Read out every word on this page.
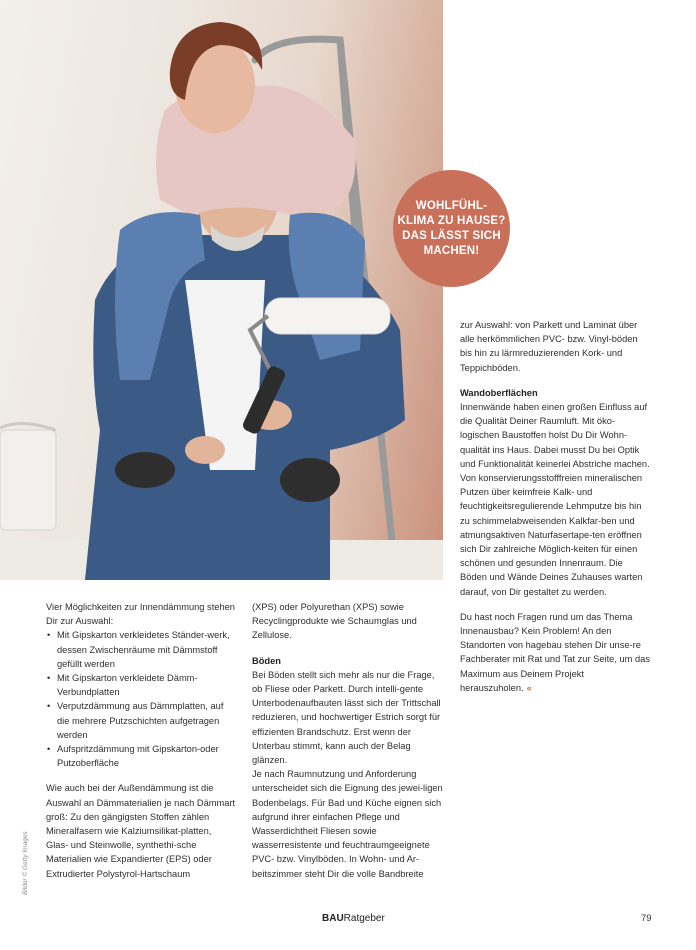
WOHLFÜHL-
KLIMA ZU HAUSE?
DAS LÄSST SICH
MACHEN!

Vier Möglichkeiten zur Innendämmung stehen Dir zur Auswahl:

• Mit Gipskarton verkleidetes Ständer-werk, dessen Zwischenräume mit Dämmstoff gefüllt werden
• Mit Gipskarton verkleidete Dämm-Verbundplatten
• Verputzdämmung aus Dämmplatten, auf die mehrere Putzschichten aufgetragen werden
• Aufspritzdämmung mit Gipskarton-oder Putzoberfläche

Wie auch bei der Außendämmung ist die Auswahl an Dämmaterialien je nach Dämmart groß: Zu den gängigsten Stoffen zählen Mineralfasern wie Kalziumsilikat-platten, Glas- und Steinwolle, synthethi-sche Materialien wie Expandierter (EPS) oder Extrudierter Polystyrol-Hartschaum

(XPS) oder Polyurethan (XPS) sowie Recyclingprodukte wie Schaumglas und Zellulose.

Böden

Bei Böden stellt sich mehr als nur die Frage, ob Fliese oder Parkett. Durch intelli-gente Unterbodenaufbauten lässt sich der Trittschall reduzieren, und hochwertiger Estrich sorgt für effizienten Brandschutz. Erst wenn der Unterbau stimmt, kann auch der Belag glänzen.

Je nach Raumnutzung und Anforderung unterscheidet sich die Eignung des jewei-ligen Bodenbelags. Für Bad und Küche eignen sich aufgrund ihrer einfachen Pflege und Wasserdichtheit Fliesen sowie wasserresistente und feuchtraumgeeignete PVC- bzw. Vinylböden. In Wohn- und Ar-beitszimmer steht Dir die volle Bandbreite

zur Auswahl: von Parkett und Laminat über alle herkömmlichen PVC- bzw. Vinyl-böden bis hin zu lärmreduzierenden Kork- und Teppichböden.

Wandoberflächen

Innenwände haben einen großen Einfluss auf die Qualität Deiner Raumluft. Mit öko-logischen Baustoffen holst Du Dir Wohn-qualität ins Haus. Dabei musst Du bei Optik und Funktionalität keinerlei Abstriche machen. Von konservierungsstofffreien mineralischen Putzen über keimfreie Kalk- und feuchtigkeitsregulierende Lehmputze bis hin zu schimmelabweisenden Kalkfar-ben und atmungsaktiven Naturfasertape-ten eröffnen sich Dir zahlreiche Möglich-keiten für einen schönen und gesunden Innenraum. Die Böden und Wände Deines Zuhauses warten darauf, von Dir gestaltet zu werden.

Du hast noch Fragen rund um das Thema Innenausbau? Kein Problem! An den Standorten von hagebau stehen Dir unse-re Fachberater mit Rat und Tat zur Seite, um das Maximum aus Deinem Projekt herauszuholen. «

Bilder © Getty Images
BAURatgeber	79
